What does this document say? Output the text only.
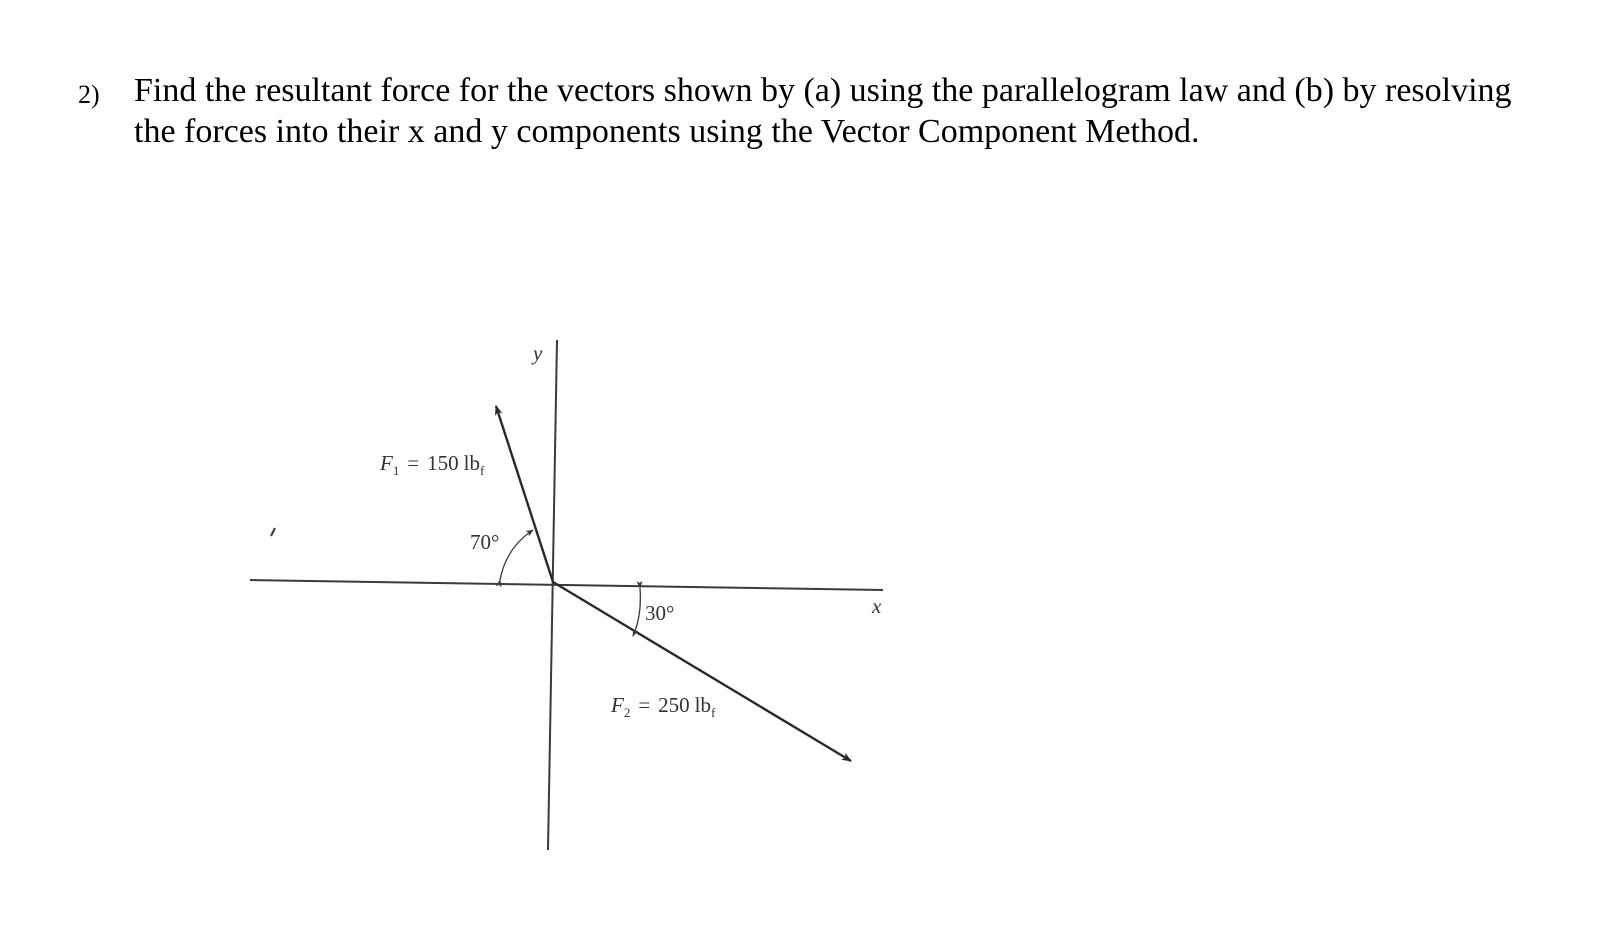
2) Find the resultant force for the vectors shown by (a) using the parallelogram law and (b) by resolving the forces into their x and y components using the Vector Component Method.
y
x
$F_1 = 150$ $lb_f$
70°
30°
$F_2 = 250$ $lb_f$
